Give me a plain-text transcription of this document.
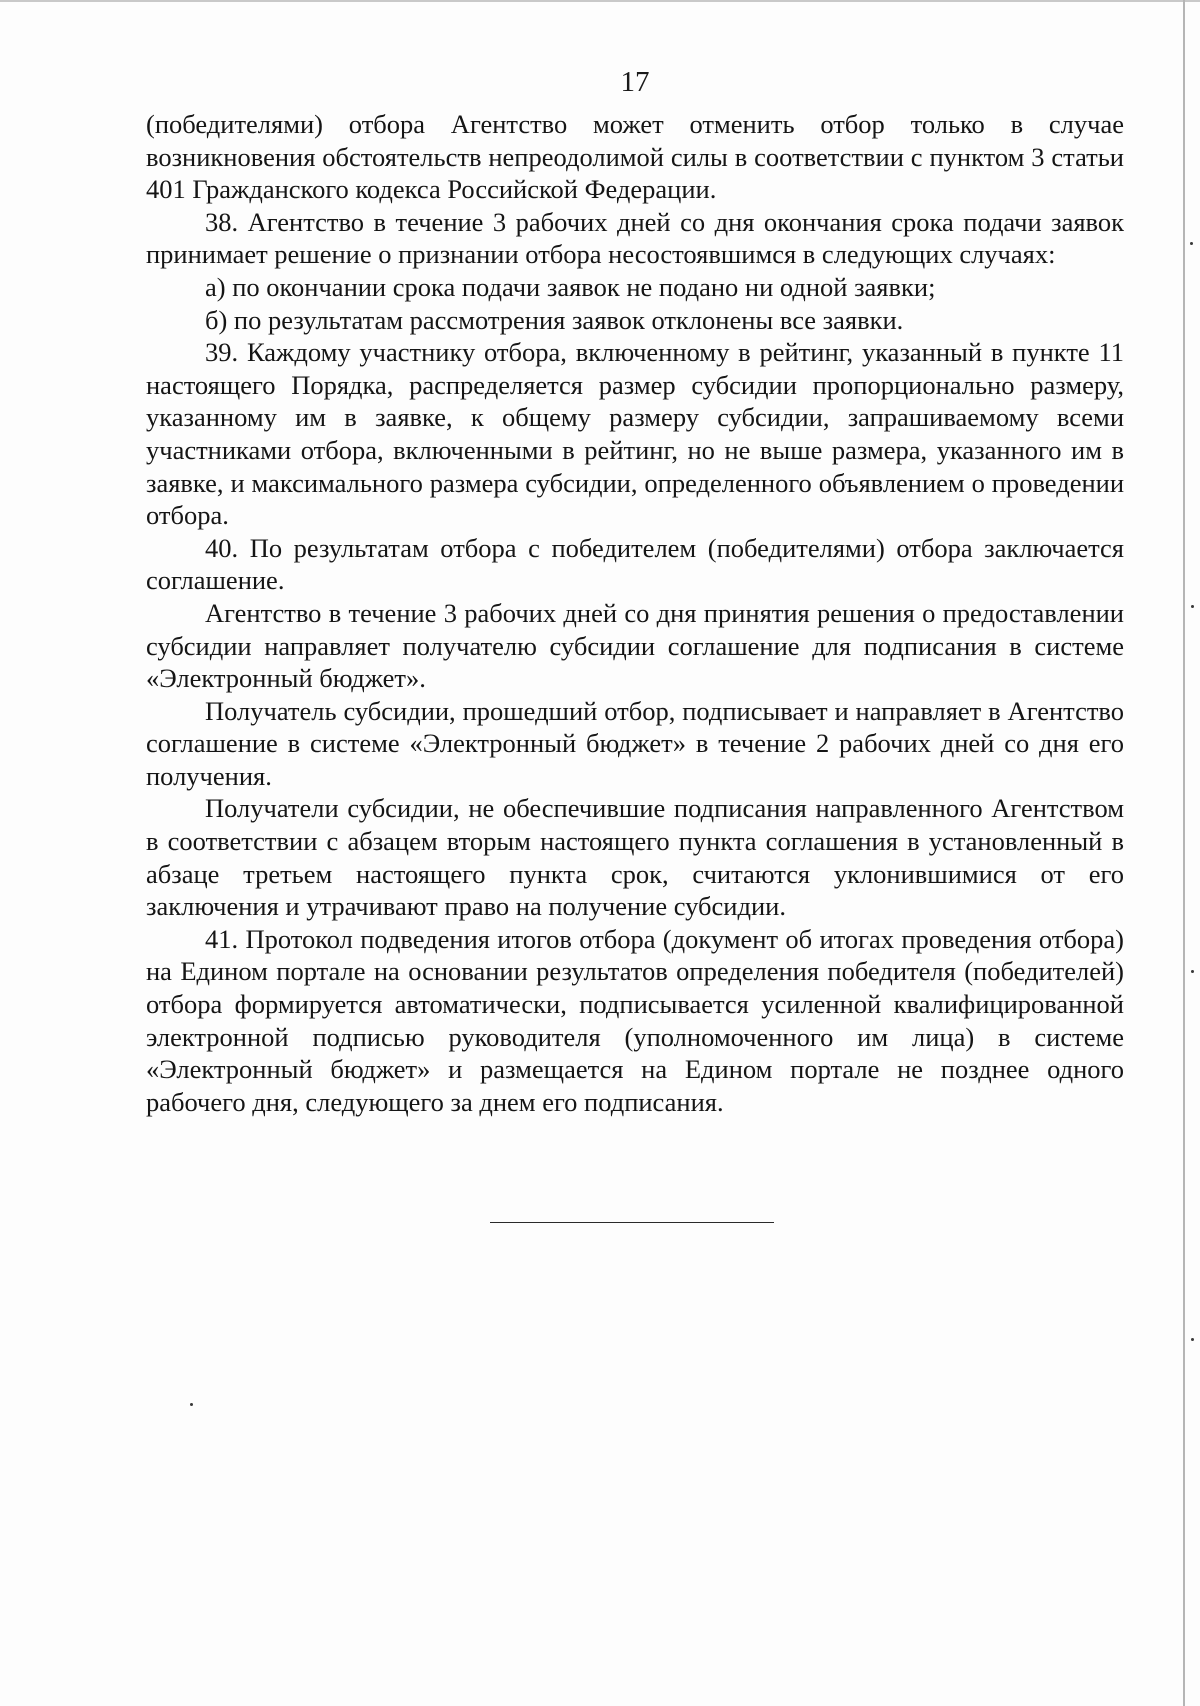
17

(победителями) отбора Агентство может отменить отбор только в случае возникновения обстоятельств непреодолимой силы в соответствии с пунктом 3 статьи 401 Гражданского кодекса Российской Федерации.

38. Агентство в течение 3 рабочих дней со дня окончания срока подачи заявок принимает решение о признании отбора несостоявшимся в следующих случаях:

а) по окончании срока подачи заявок не подано ни одной заявки;

б) по результатам рассмотрения заявок отклонены все заявки.

39. Каждому участнику отбора, включенному в рейтинг, указанный в пункте 11 настоящего Порядка, распределяется размер субсидии пропорционально размеру, указанному им в заявке, к общему размеру субсидии, запрашиваемому всеми участниками отбора, включенными в рейтинг, но не выше размера, указанного им в заявке, и максимального размера субсидии, определенного объявлением о проведении отбора.

40. По результатам отбора с победителем (победителями) отбора заключается соглашение.

Агентство в течение 3 рабочих дней со дня принятия решения о предоставлении субсидии направляет получателю субсидии соглашение для подписания в системе «Электронный бюджет».

Получатель субсидии, прошедший отбор, подписывает и направляет в Агентство соглашение в системе «Электронный бюджет» в течение 2 рабочих дней со дня его получения.

Получатели субсидии, не обеспечившие подписания направленного Агентством в соответствии с абзацем вторым настоящего пункта соглашения в установленный в абзаце третьем настоящего пункта срок, считаются уклонившимися от его заключения и утрачивают право на получение субсидии.

41. Протокол подведения итогов отбора (документ об итогах проведения отбора) на Едином портале на основании результатов определения победителя (победителей) отбора формируется автоматически, подписывается усиленной квалифицированной электронной подписью руководителя (уполномоченного им лица) в системе «Электронный бюджет» и размещается на Едином портале не позднее одного рабочего дня, следующего за днем его подписания.
